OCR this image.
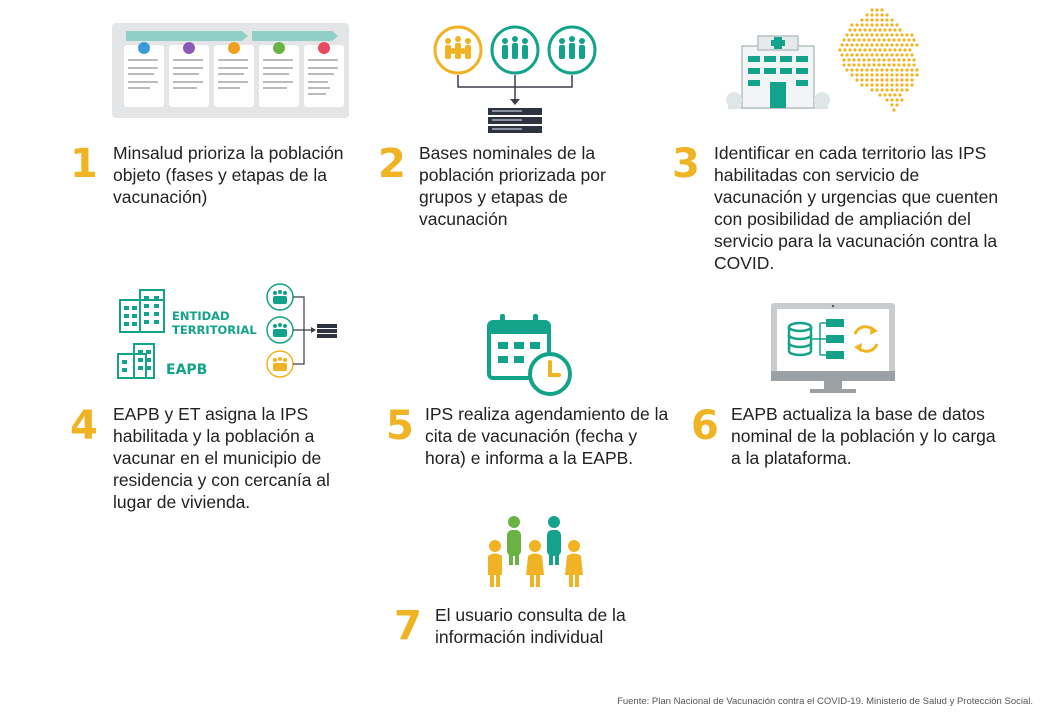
1 Minsalud prioriza la población objeto (fases y etapas de la vacunación)
2 Bases nominales de la población priorizada por grupos y etapas de vacunación
3 Identificar en cada territorio las IPS habilitadas con servicio de vacunación y urgencias que cuenten con posibilidad de ampliación del servicio para la vacunación contra la COVID.
ENTIDAD TERRITORIAL
EAPB
4 EAPB y ET asigna la IPS habilitada y la población a vacunar en el municipio de residencia y con cercanía al lugar de vivienda.
5 IPS realiza agendamiento de la cita de vacunación (fecha y hora) e informa a la EAPB.
6 EAPB actualiza la base de datos nominal de la población y lo carga a la plataforma.
7 El usuario consulta de la información individual
Fuente: Plan Nacional de Vacunación contra el COVID-19. Ministerio de Salud y Protección Social.
